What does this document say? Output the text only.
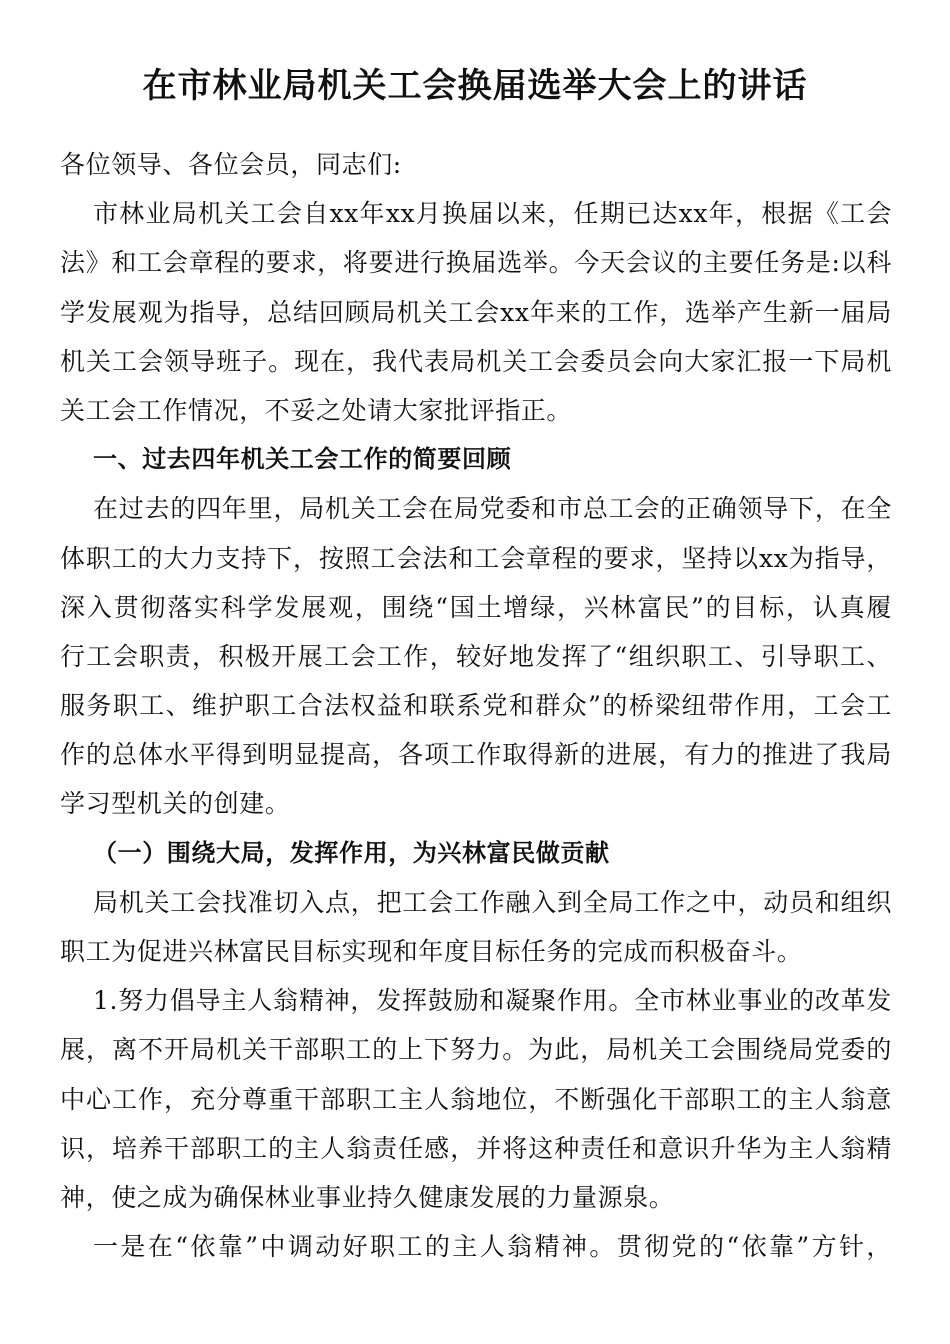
在市林业局机关工会换届选举大会上的讲话
各位领导、各位会员，同志们:
市林业局机关工会自xx年xx月换届以来，任期已达xx年，根据《工会
法》和工会章程的要求，将要进行换届选举。今天会议的主要任务是:以科
学发展观为指导，总结回顾局机关工会xx年来的工作，选举产生新一届局
机关工会领导班子。现在，我代表局机关工会委员会向大家汇报一下局机
关工会工作情况，不妥之处请大家批评指正。
一、过去四年机关工会工作的简要回顾
在过去的四年里，局机关工会在局党委和市总工会的正确领导下，在全
体职工的大力支持下，按照工会法和工会章程的要求，坚持以xx为指导，
深入贯彻落实科学发展观，围绕“国土增绿，兴林富民”的目标，认真履
行工会职责，积极开展工会工作，较好地发挥了“组织职工、引导职工、
服务职工、维护职工合法权益和联系党和群众”的桥梁纽带作用，工会工
作的总体水平得到明显提高，各项工作取得新的进展，有力的推进了我局
学习型机关的创建。
（一）围绕大局，发挥作用，为兴林富民做贡献
局机关工会找准切入点，把工会工作融入到全局工作之中，动员和组织
职工为促进兴林富民目标实现和年度目标任务的完成而积极奋斗。
1.努力倡导主人翁精神，发挥鼓励和凝聚作用。全市林业事业的改革发
展，离不开局机关干部职工的上下努力。为此，局机关工会围绕局党委的
中心工作，充分尊重干部职工主人翁地位，不断强化干部职工的主人翁意
识，培养干部职工的主人翁责任感，并将这种责任和意识升华为主人翁精
神，使之成为确保林业事业持久健康发展的力量源泉。
一是在“依靠”中调动好职工的主人翁精神。贯彻党的“依靠”方针，
